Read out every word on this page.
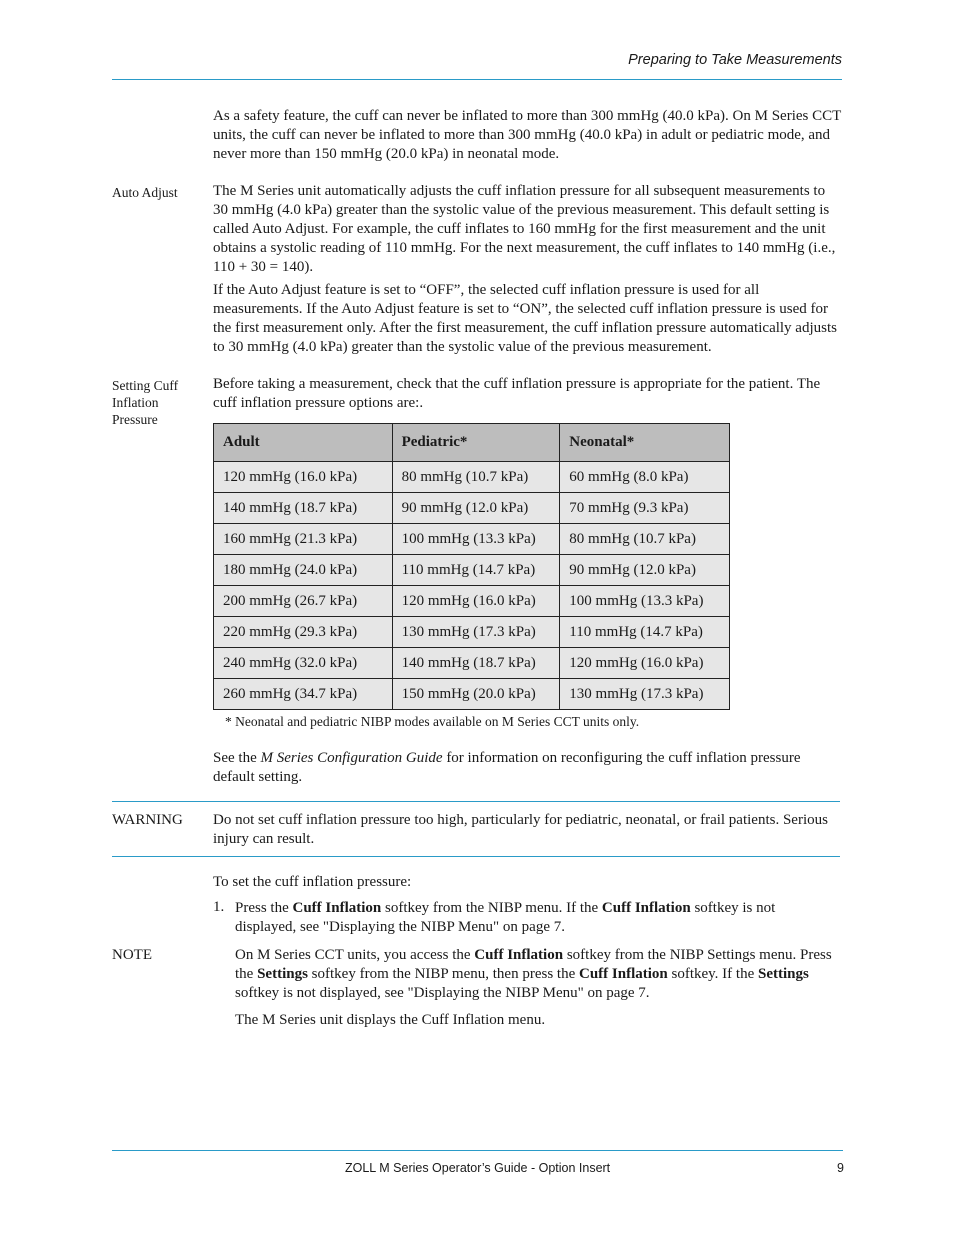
Preparing to Take Measurements

As a safety feature, the cuff can never be inflated to more than 300 mmHg (40.0 kPa). On M Series CCT units, the cuff can never be inflated to more than 300 mmHg (40.0 kPa) in adult or pediatric mode, and never more than 150 mmHg (20.0 kPa) in neonatal mode.

Auto Adjust	The M Series unit automatically adjusts the cuff inflation pressure for all subsequent measurements to 30 mmHg (4.0 kPa) greater than the systolic value of the previous measurement. This default setting is called Auto Adjust. For example, the cuff inflates to 160 mmHg for the first measurement and the unit obtains a systolic reading of 110 mmHg. For the next measurement, the cuff inflates to 140 mmHg (i.e., 110 + 30 = 140).

If the Auto Adjust feature is set to “OFF”, the selected cuff inflation pressure is used for all measurements. If the Auto Adjust feature is set to “ON”, the selected cuff inflation pressure is used for the first measurement only. After the first measurement, the cuff inflation pressure automatically adjusts to 30 mmHg (4.0 kPa) greater than the systolic value of the previous measurement.

Setting Cuff
Inflation
Pressure

Before taking a measurement, check that the cuff inflation pressure is appropriate for the patient. The cuff inflation pressure options are:.

Adult	Pediatric*	Neonatal*
120 mmHg (16.0 kPa)	80 mmHg (10.7 kPa)	60 mmHg (8.0 kPa)
140 mmHg (18.7 kPa)	90 mmHg (12.0 kPa)	70 mmHg (9.3 kPa)
160 mmHg (21.3 kPa)	100 mmHg (13.3 kPa)	80 mmHg (10.7 kPa)
180 mmHg (24.0 kPa)	110 mmHg (14.7 kPa)	90 mmHg (12.0 kPa)
200 mmHg (26.7 kPa)	120 mmHg (16.0 kPa)	100 mmHg (13.3 kPa)
220 mmHg (29.3 kPa)	130 mmHg (17.3 kPa)	110 mmHg (14.7 kPa)
240 mmHg (32.0 kPa)	140 mmHg (18.7 kPa)	120 mmHg (16.0 kPa)
260 mmHg (34.7 kPa)	150 mmHg (20.0 kPa)	130 mmHg (17.3 kPa)
* Neonatal and pediatric NIBP modes available on M Series CCT units only.

See the M Series Configuration Guide for information on reconfiguring the cuff inflation pressure default setting.

WARNING	Do not set cuff inflation pressure too high, particularly for pediatric, neonatal, or frail patients. Serious injury can result.

To set the cuff inflation pressure:

1. Press the Cuff Inflation softkey from the NIBP menu. If the Cuff Inflation softkey is not displayed, see "Displaying the NIBP Menu" on page 7.

NOTE	On M Series CCT units, you access the Cuff Inflation softkey from the NIBP Settings menu. Press the Settings softkey from the NIBP menu, then press the Cuff Inflation softkey. If the Settings softkey is not displayed, see "Displaying the NIBP Menu" on page 7.

The M Series unit displays the Cuff Inflation menu.

ZOLL M Series Operator’s Guide - Option Insert	9
